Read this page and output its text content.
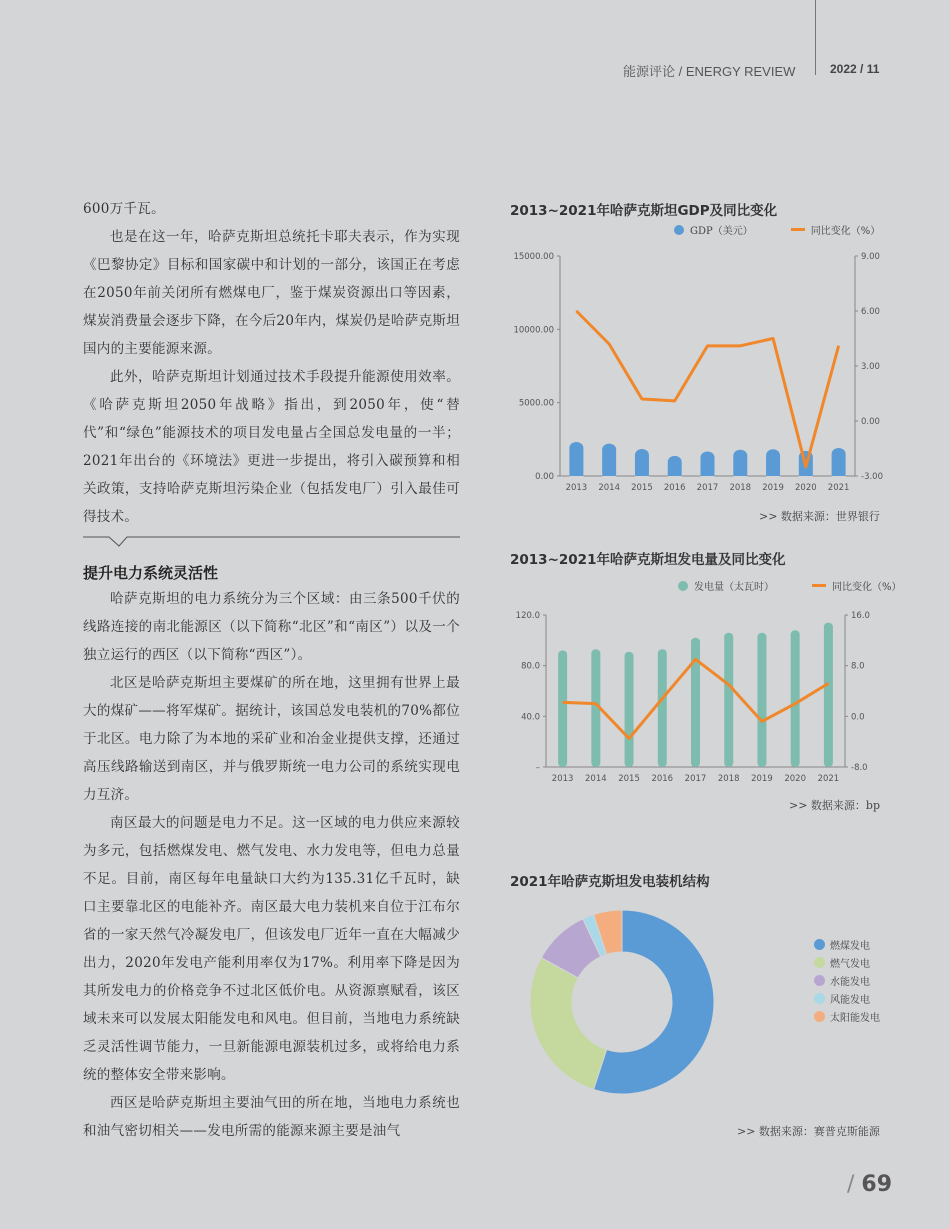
能源评论 / ENERGY REVIEW	2022 / 11

600万千瓦。

也是在这一年，哈萨克斯坦总统托卡耶夫表示，作为实现《巴黎协定》目标和国家碳中和计划的一部分，该国正在考虑在2050年前关闭所有燃煤电厂，鉴于煤炭资源出口等因素，煤炭消费量会逐步下降，在今后20年内，煤炭仍是哈萨克斯坦国内的主要能源来源。

此外，哈萨克斯坦计划通过技术手段提升能源使用效率。《哈萨克斯坦2050年战略》指出，到2050年，使“替代”和“绿色”能源技术的项目发电量占全国总发电量的一半；2021年出台的《环境法》更进一步提出，将引入碳预算和相关政策，支持哈萨克斯坦污染企业（包括发电厂）引入最佳可得技术。

提升电力系统灵活性

哈萨克斯坦的电力系统分为三个区域：由三条500千伏的线路连接的南北能源区（以下简称“北区”和“南区”）以及一个独立运行的西区（以下简称“西区”）。

北区是哈萨克斯坦主要煤矿的所在地，这里拥有世界上最大的煤矿——将军煤矿。据统计，该国总发电装机的70%都位于北区。电力除了为本地的采矿业和冶金业提供支撑，还通过高压线路输送到南区，并与俄罗斯统一电力公司的系统实现电力互济。

南区最大的问题是电力不足。这一区域的电力供应来源较为多元，包括燃煤发电、燃气发电、水力发电等，但电力总量不足。目前，南区每年电量缺口大约为135.31亿千瓦时，缺口主要靠北区的电能补齐。南区最大电力装机来自位于江布尔省的一家天然气冷凝发电厂，但该发电厂近年一直在大幅减少出力，2020年发电产能利用率仅为17%。利用率下降是因为其所发电力的价格竞争不过北区低价电。从资源禀赋看，该区域未来可以发展太阳能发电和风电。但目前，当地电力系统缺乏灵活性调节能力，一旦新能源电源装机过多，或将给电力系统的整体安全带来影响。

西区是哈萨克斯坦主要油气田的所在地，当地电力系统也和油气密切相关——发电所需的能源来源主要是油气

2013~2021年哈萨克斯坦GDP及同比变化
GDP（美元）	同比变化（%）
0.00
5000.00
10000.00
15000.00
-3.00
0.00
3.00
6.00
9.00
2013 2014 2015 2016 2017 2018 2019 2020 2021
>> 数据来源：世界银行
2013~2021年哈萨克斯坦发电量及同比变化
发电量（太瓦时）	同比变化（%）
–
40.0
80.0
120.0
-8.0
0.0
8.0
16.0
2013 2014 2015 2016 2017 2018 2019 2020 2021
>> 数据来源：bp
2021年哈萨克斯坦发电装机结构
燃煤发电
燃气发电
水能发电
风能发电
太阳能发电
>> 数据来源：赛普克斯能源
/ 69
